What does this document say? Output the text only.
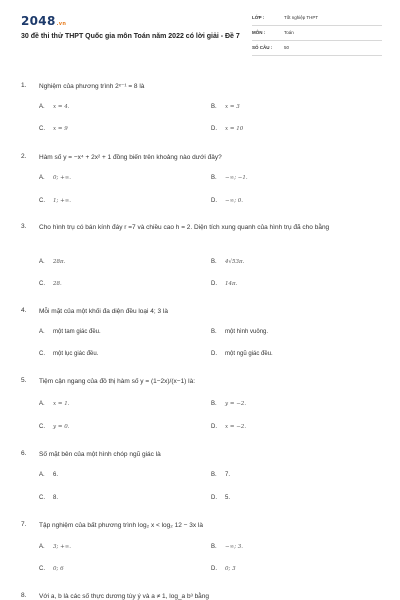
2048.vn
30 đề thi thử THPT Quốc gia môn Toán năm 2022 có lời giải - Đề 7
LỚP :	Tốt nghiệp THPT
MÔN :	Toán
SỐ CÂU :	50
1. Nghiệm của phương trình 2ˣ⁻¹ = 8 là
A. x = 4.	B. x = 3
C. x = 9	D. x = 10
2. Hàm số y = −x⁴ + 2x² + 1 đồng biến trên khoảng nào dưới đây?
A. 0; +∞.	B. −∞; −1.
C. 1; +∞.	D. −∞; 0.
3. Cho hình trụ có bán kính đáy r =7 và chiều cao h = 2. Diện tích xung quanh của hình trụ đã cho bằng
A. 28π.	B. 4√53π.
C. 28.	D. 14π.
4. Mỗi mặt của một khối đa diện đều loại 4; 3 là
A. một tam giác đều.	B. một hình vuông.
C. một lục giác đều.	D. một ngũ giác đều.
5. Tiệm cận ngang của đồ thị hàm số y = (1−2x)/(x−1) là:
A. x = 1.	B. y = −2.
C. y = 0.	D. x = −2.
6. Số mặt bên của một hình chóp ngũ giác là
A. 6.	B. 7.
C. 8.	D. 5.
7. Tập nghiệm của bất phương trình log₂ x < log₂ 12 − 3x là
A. 3; +∞.	B. −∞; 3.
C. 0; 6	D. 0; 3
8. Với a, b là các số thực dương tùy ý và a ≠ 1, log_a b³ bằng
